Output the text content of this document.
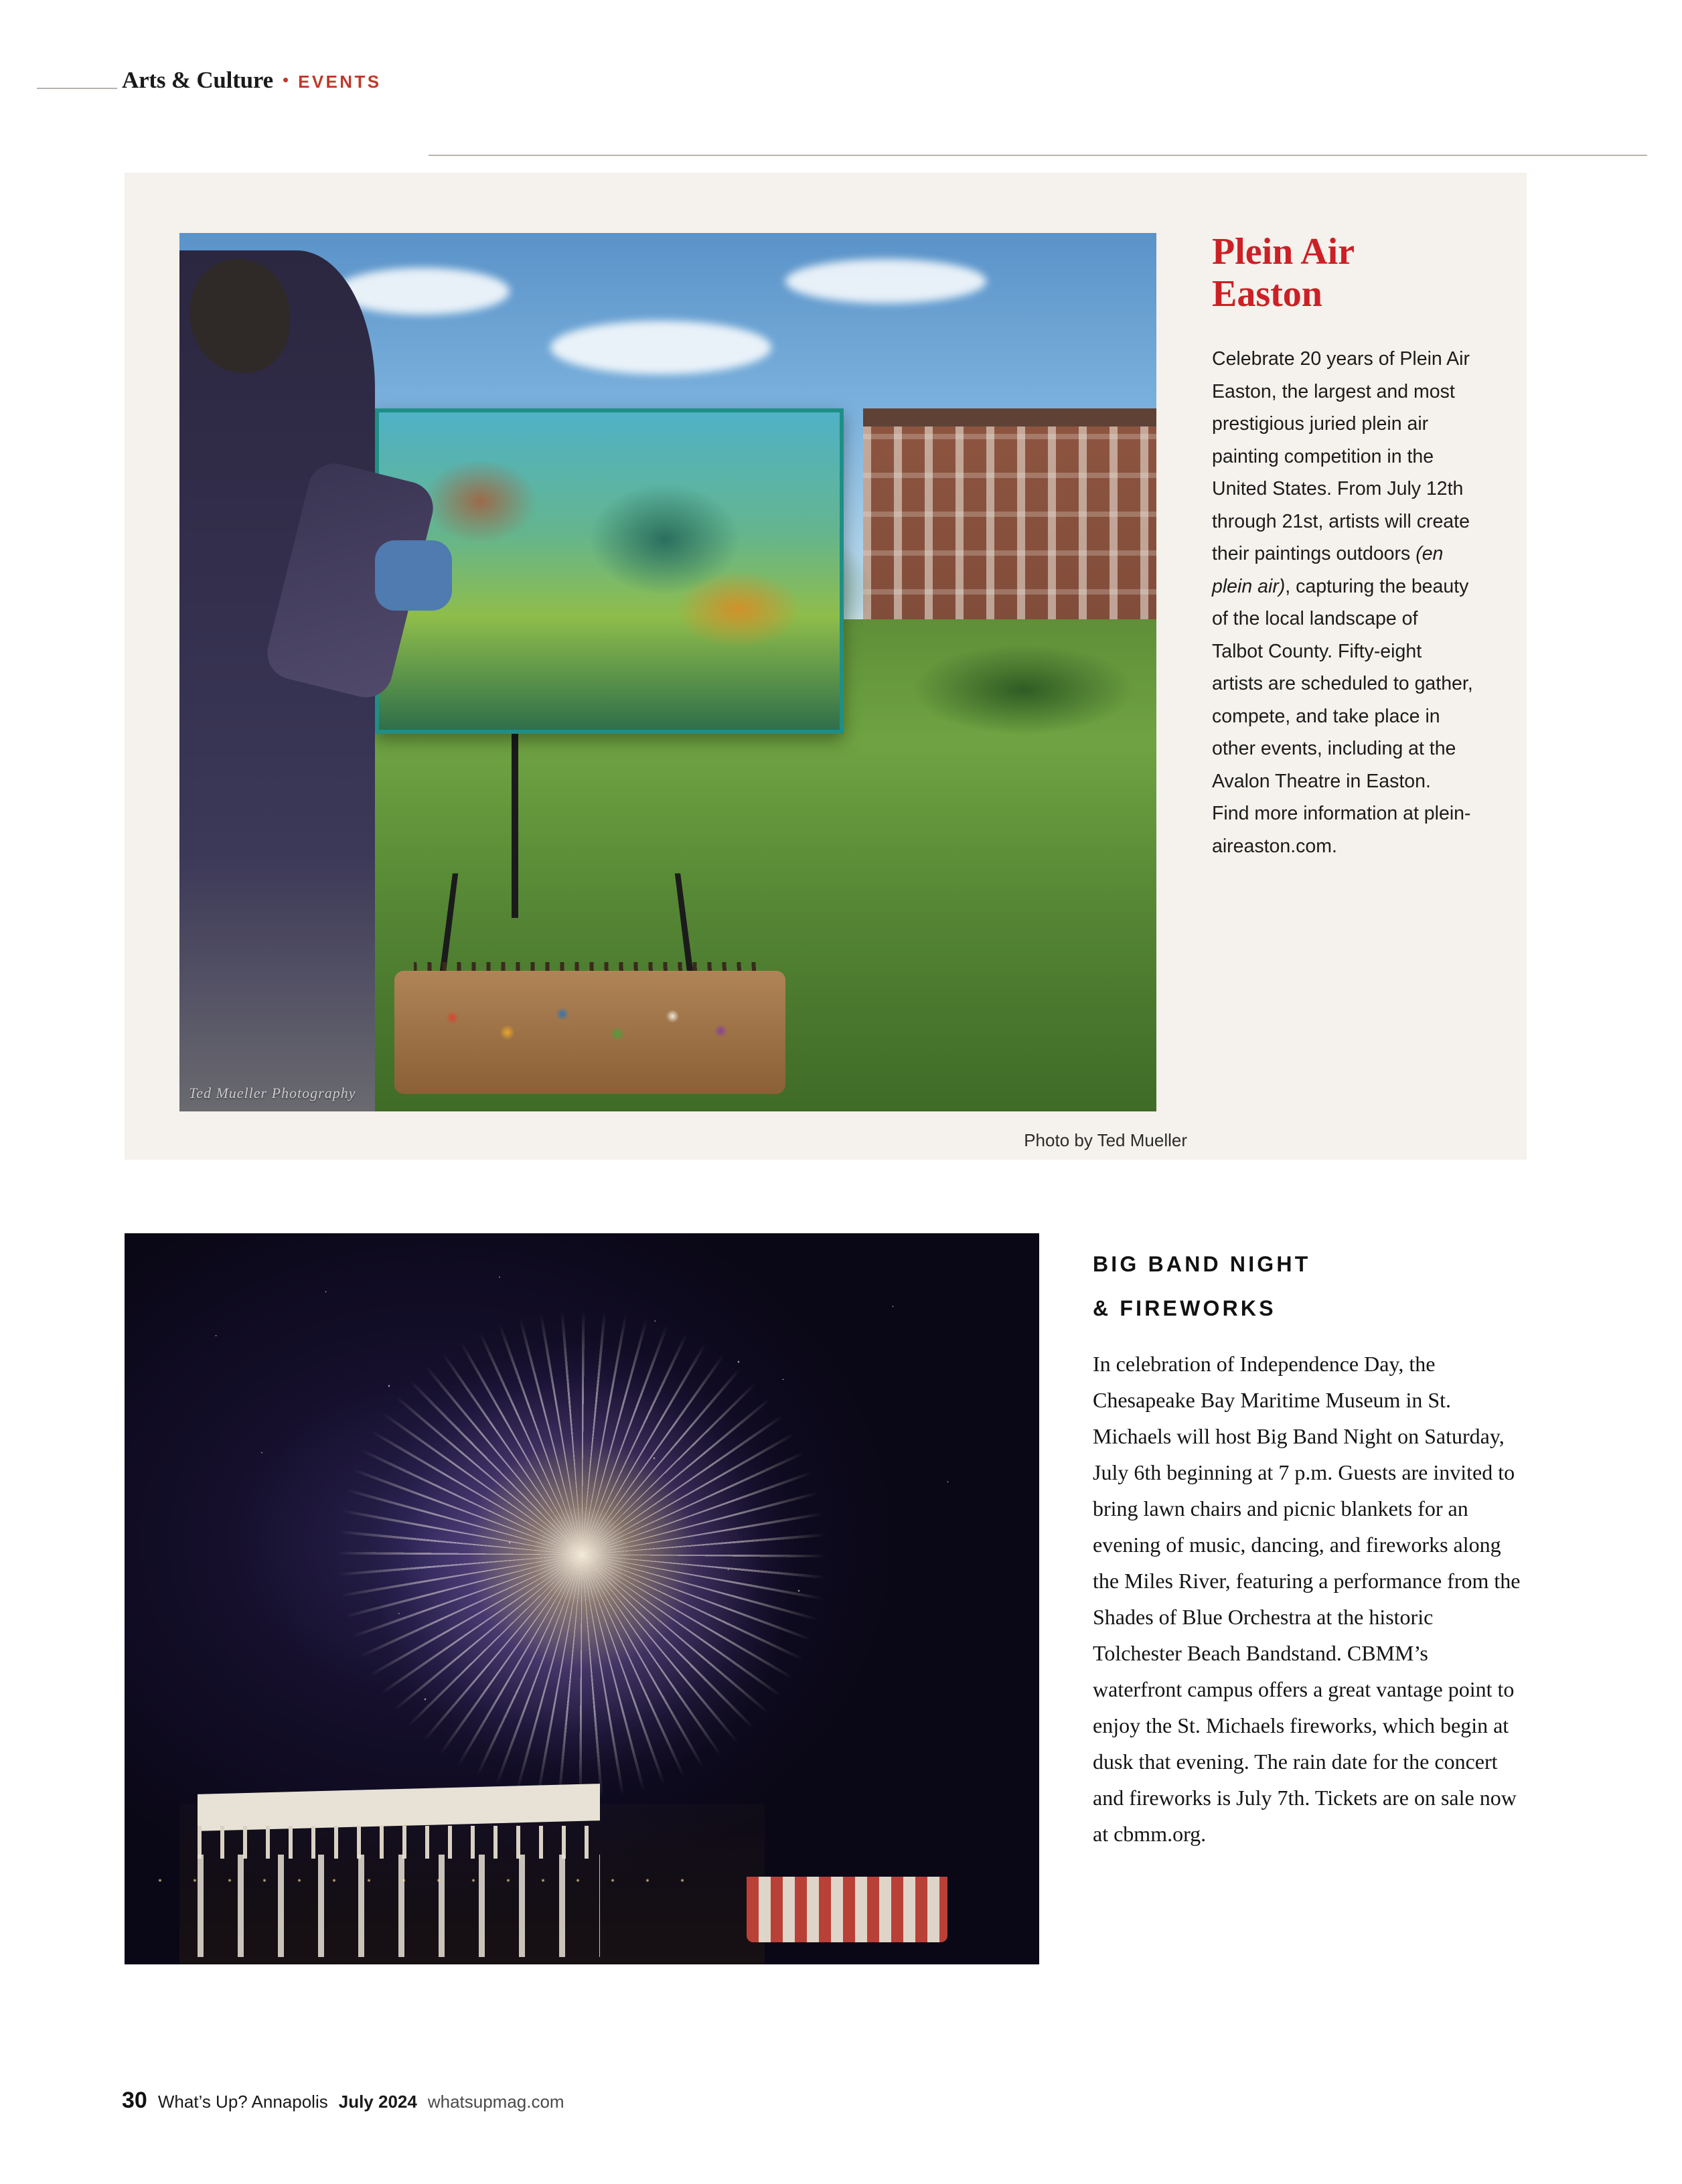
Arts & Culture • EVENTS
Ted Mueller Photography
Plein Air
Easton
Celebrate 20 years of Plein Air Easton, the largest and most prestigious juried plein air painting competition in the United States. From July 12th through 21st, artists will create their paintings outdoors (en plein air), capturing the beauty of the local landscape of Talbot County. Fifty-eight artists are scheduled to gather, compete, and take place in other events, including at the Avalon Theatre in Easton. Find more information at plein-aireaston.com.
Photo by Ted Mueller
BIG BAND NIGHT
& FIREWORKS
In celebration of Independence Day, the Chesapeake Bay Maritime Museum in St. Michaels will host Big Band Night on Saturday, July 6th beginning at 7 p.m. Guests are invited to bring lawn chairs and picnic blankets for an evening of music, dancing, and fireworks along the Miles River, featuring a performance from the Shades of Blue Orchestra at the historic Tolchester Beach Bandstand. CBMM’s waterfront campus offers a great vantage point to enjoy the St. Michaels fireworks, which begin at dusk that evening. The rain date for the concert and fireworks is July 7th. Tickets are on sale now at cbmm.org.
30 What’s Up? Annapolis July 2024 whatsupmag.com
